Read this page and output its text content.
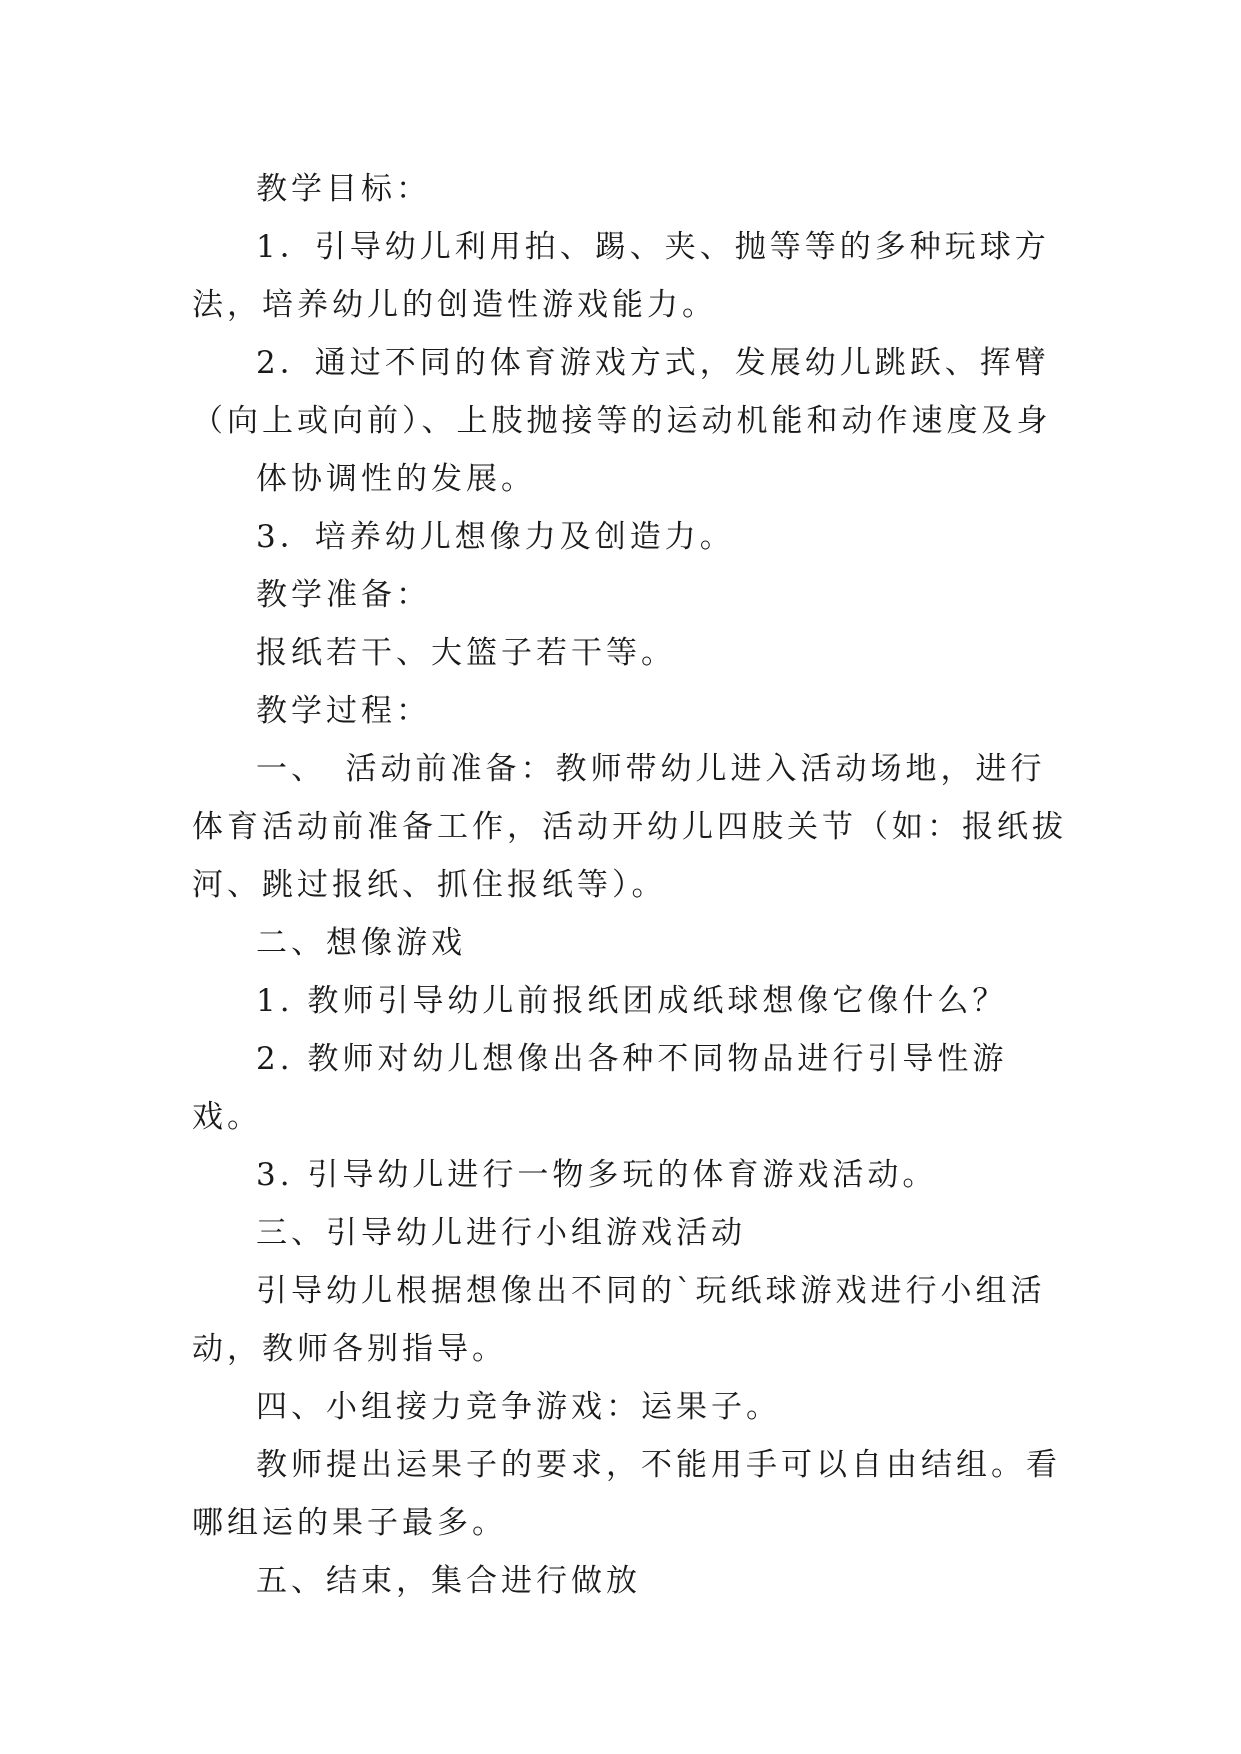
教学目标：

1．引导幼儿利用拍、踢、夹、抛等等的多种玩球方法，培养幼儿的创造性游戏能力。

2．通过不同的体育游戏方式，发展幼儿跳跃、挥臂（向上或向前）、上肢抛接等的运动机能和动作速度及身

体协调性的发展。

3．培养幼儿想像力及创造力。

教学准备：

报纸若干、大篮子若干等。

教学过程：

一、　活动前准备：教师带幼儿进入活动场地，进行体育活动前准备工作，活动开幼儿四肢关节（如：报纸拔河、跳过报纸、抓住报纸等）。

二、想像游戏

1. 教师引导幼儿前报纸团成纸球想像它像什么？

2. 教师对幼儿想像出各种不同物品进行引导性游戏。

3. 引导幼儿进行一物多玩的体育游戏活动。

三、引导幼儿进行小组游戏活动

引导幼儿根据想像出不同的`玩纸球游戏进行小组活动，教师各别指导。

四、小组接力竞争游戏：运果子。

教师提出运果子的要求，不能用手可以自由结组。看哪组运的果子最多。

五、结束，集合进行做放
